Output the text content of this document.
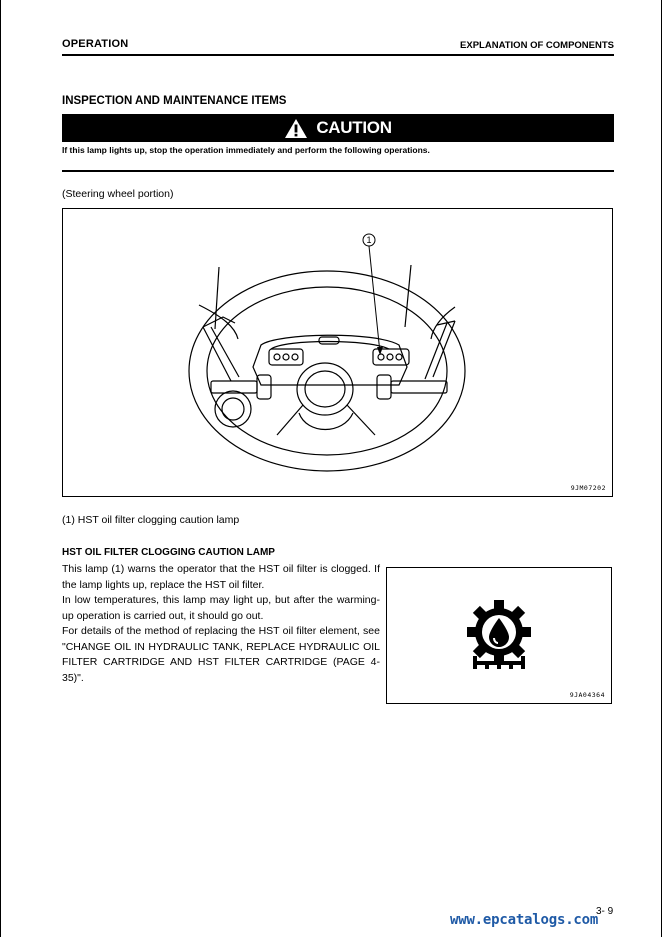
OPERATION	EXPLANATION OF COMPONENTS
INSPECTION AND MAINTENANCE ITEMS
CAUTION
If this lamp lights up, stop the operation immediately and perform the following operations.
(Steering wheel portion)
1
9JM07202
(1) HST oil filter clogging caution lamp
HST OIL FILTER CLOGGING CAUTION LAMP

This lamp (1) warns the operator that the HST oil filter is clogged. If the lamp lights up, replace the HST oil filter.

In low temperatures, this lamp may light up, but after the warming-up operation is carried out, it should go out.

For details of the method of replacing the HST oil filter element, see "CHANGE OIL IN HYDRAULIC TANK, REPLACE HYDRAULIC OIL FILTER CARTRIDGE AND HST FILTER CARTRIDGE (PAGE 4-35)".

9JA04364
3- 9
www.epcatalogs.com
